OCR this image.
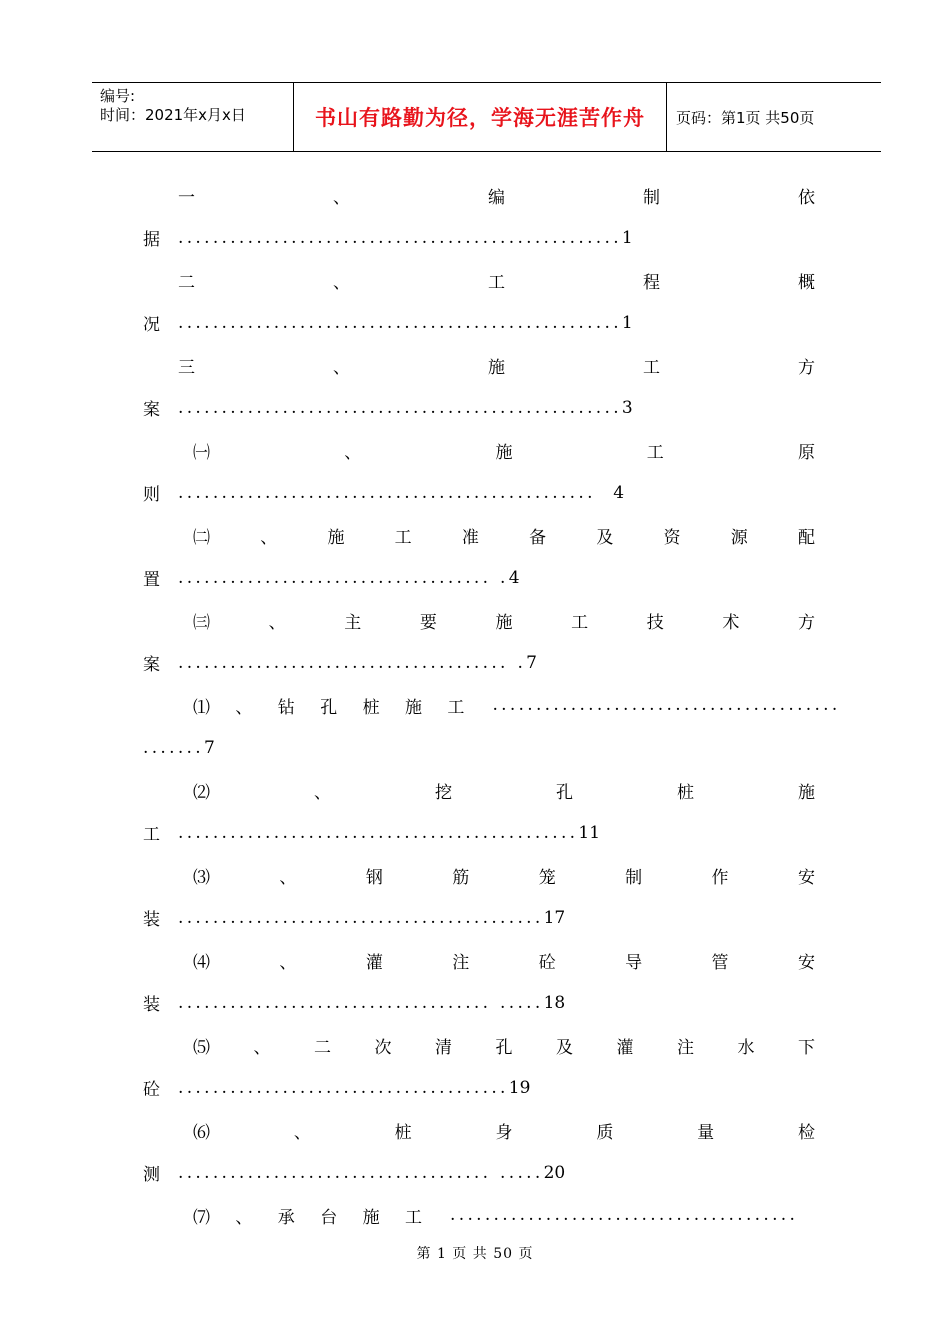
编号:
时间：2021年x月x日	书山有路勤为径，学海无涯苦作舟	页码：第1页 共50页
一	、	编	制	依
据 ................................................... 1
二	、	工	程	概
况 ................................................... 1
三	、	施	工	方
案 ................................................... 3
㈠	、	施	工	原
则 ................................................ 4
㈡	、	施	工	准	备	及	资	源	配
置 .................................... . 4
㈢	、	主	要	施	工	技	术	方
案 ...................................... . 7
⑴ 、 钻 孔 桩 施 工 ........................................
....... 7
⑵	、	挖	孔	桩	施
工 .............................................. 11
⑶	、	钢	筋	笼	制	作	安
装 .......................................... 17
⑷	、	灌	注	砼	导	管	安
装 .................................... ..... 18
⑸	、	二	次	清	孔	及	灌	注	水	下
砼 ...................................... 19
⑹	、	桩	身	质	量	检
测 .................................... ..... 20
⑺ 、 承 台 施 工 ........................................
第 1 页 共 50 页
